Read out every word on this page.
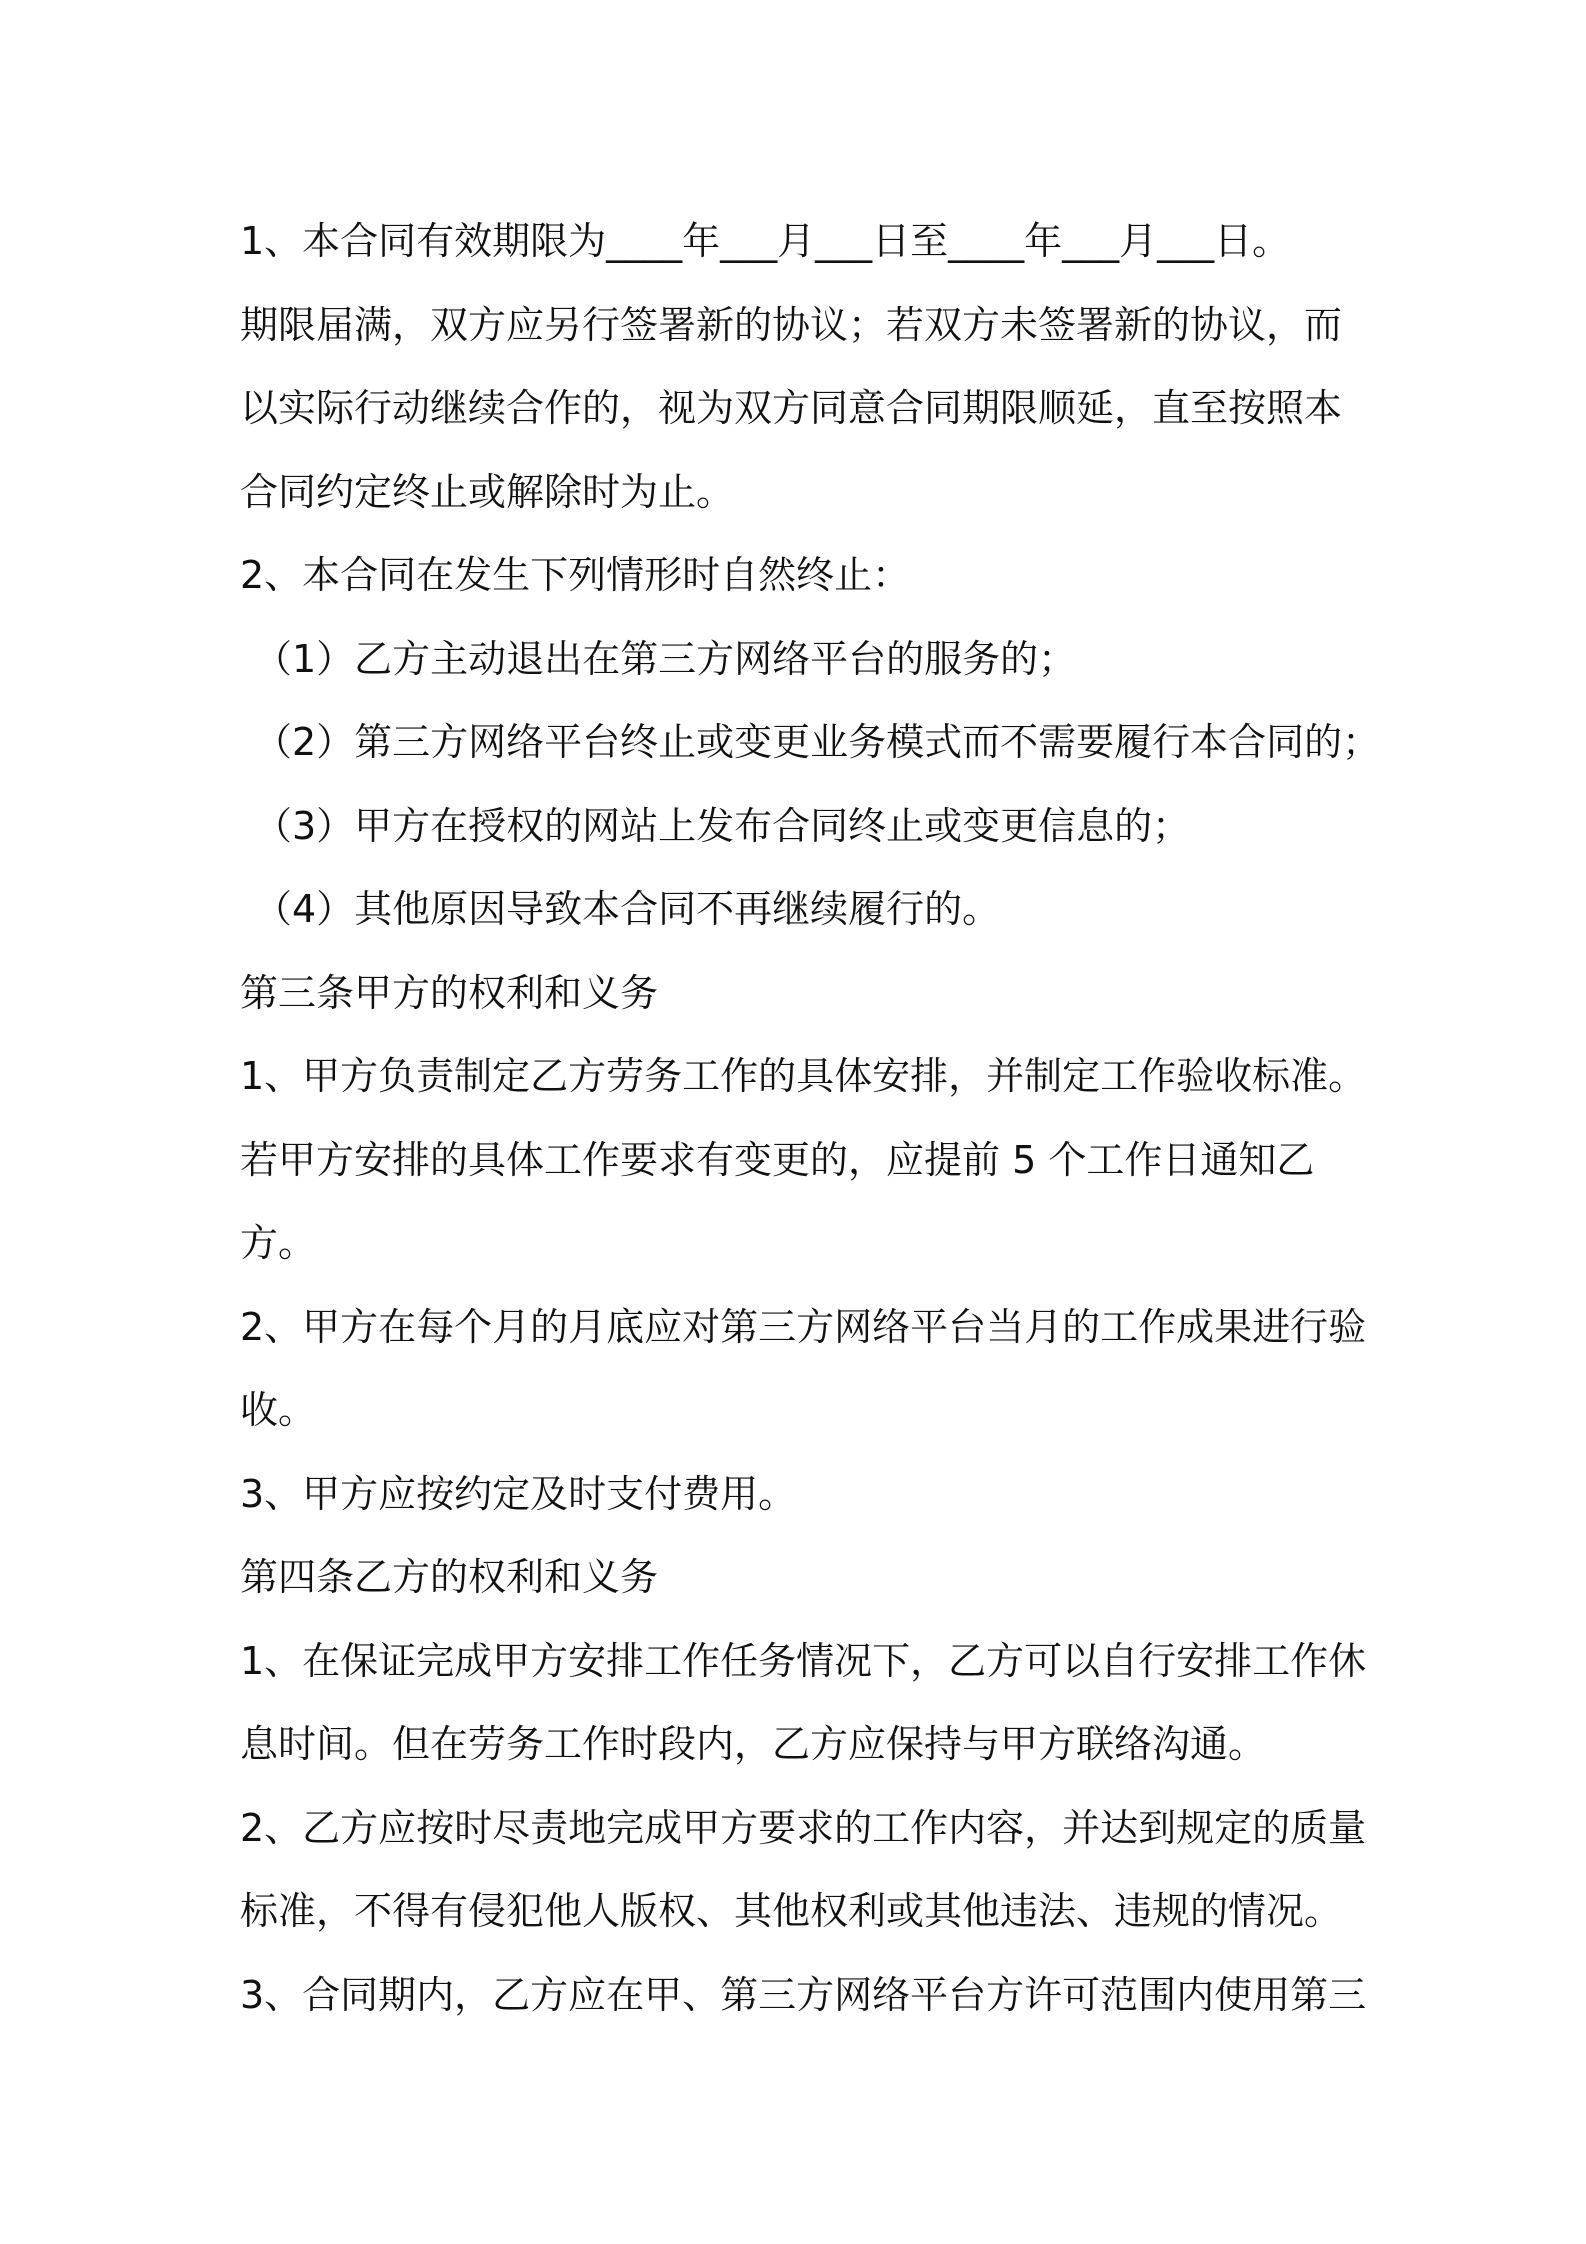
1、本合同有效期限为____年___月___日至____年___月___日。
期限届满，双方应另行签署新的协议；若双方未签署新的协议，而
以实际行动继续合作的，视为双方同意合同期限顺延，直至按照本
合同约定终止或解除时为止。
2、本合同在发生下列情形时自然终止：
（1）乙方主动退出在第三方网络平台的服务的；
（2）第三方网络平台终止或变更业务模式而不需要履行本合同的；
（3）甲方在授权的网站上发布合同终止或变更信息的；
（4）其他原因导致本合同不再继续履行的。
第三条甲方的权利和义务
1、甲方负责制定乙方劳务工作的具体安排，并制定工作验收标准。
若甲方安排的具体工作要求有变更的，应提前 5 个工作日通知乙
方。
2、甲方在每个月的月底应对第三方网络平台当月的工作成果进行验
收。
3、甲方应按约定及时支付费用。
第四条乙方的权利和义务
1、在保证完成甲方安排工作任务情况下，乙方可以自行安排工作休
息时间。但在劳务工作时段内，乙方应保持与甲方联络沟通。
2、乙方应按时尽责地完成甲方要求的工作内容，并达到规定的质量
标准，不得有侵犯他人版权、其他权利或其他违法、违规的情况。
3、合同期内，乙方应在甲、第三方网络平台方许可范围内使用第三
